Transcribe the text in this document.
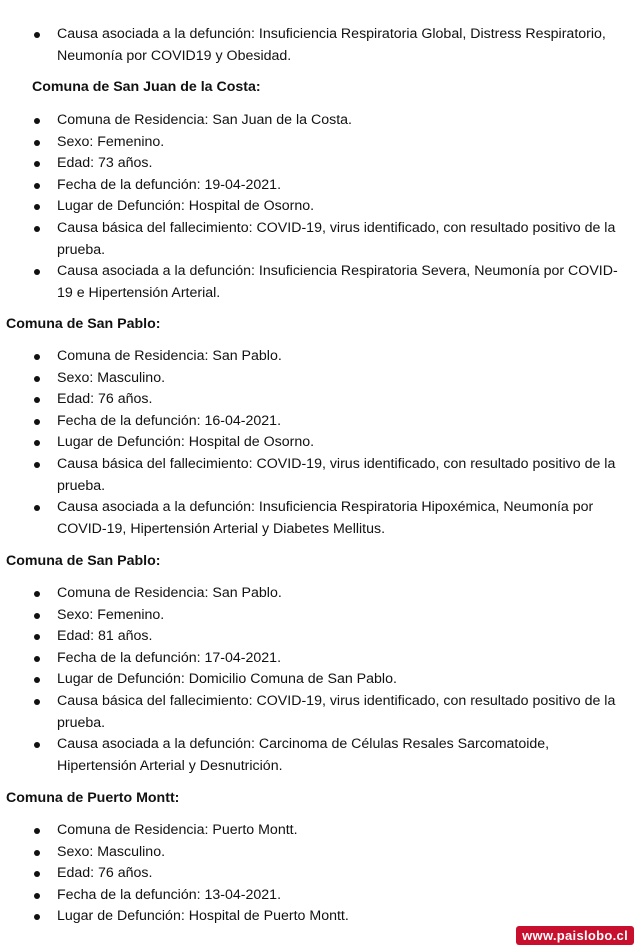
Causa asociada a la defunción: Insuficiencia Respiratoria Global, Distress Respiratorio, Neumonía por COVID19 y Obesidad.
Comuna de San Juan de la Costa:
Comuna de Residencia: San Juan de la Costa.
Sexo: Femenino.
Edad: 73 años.
Fecha de la defunción: 19-04-2021.
Lugar de Defunción: Hospital de Osorno.
Causa básica del fallecimiento: COVID-19, virus identificado, con resultado positivo de la prueba.
Causa asociada a la defunción: Insuficiencia Respiratoria Severa, Neumonía por COVID-19 e Hipertensión Arterial.
Comuna de San Pablo:
Comuna de Residencia: San Pablo.
Sexo: Masculino.
Edad: 76 años.
Fecha de la defunción: 16-04-2021.
Lugar de Defunción: Hospital de Osorno.
Causa básica del fallecimiento: COVID-19, virus identificado, con resultado positivo de la prueba.
Causa asociada a la defunción: Insuficiencia Respiratoria Hipoxémica, Neumonía por COVID-19, Hipertensión Arterial y Diabetes Mellitus.
Comuna de San Pablo:
Comuna de Residencia: San Pablo.
Sexo: Femenino.
Edad: 81 años.
Fecha de la defunción: 17-04-2021.
Lugar de Defunción: Domicilio Comuna de San Pablo.
Causa básica del fallecimiento: COVID-19, virus identificado, con resultado positivo de la prueba.
Causa asociada a la defunción: Carcinoma de Células Resales Sarcomatoide, Hipertensión Arterial y Desnutrición.
Comuna de Puerto Montt:
Comuna de Residencia: Puerto Montt.
Sexo: Masculino.
Edad: 76 años.
Fecha de la defunción: 13-04-2021.
Lugar de Defunción: Hospital de Puerto Montt.
www.paislobo.cl
